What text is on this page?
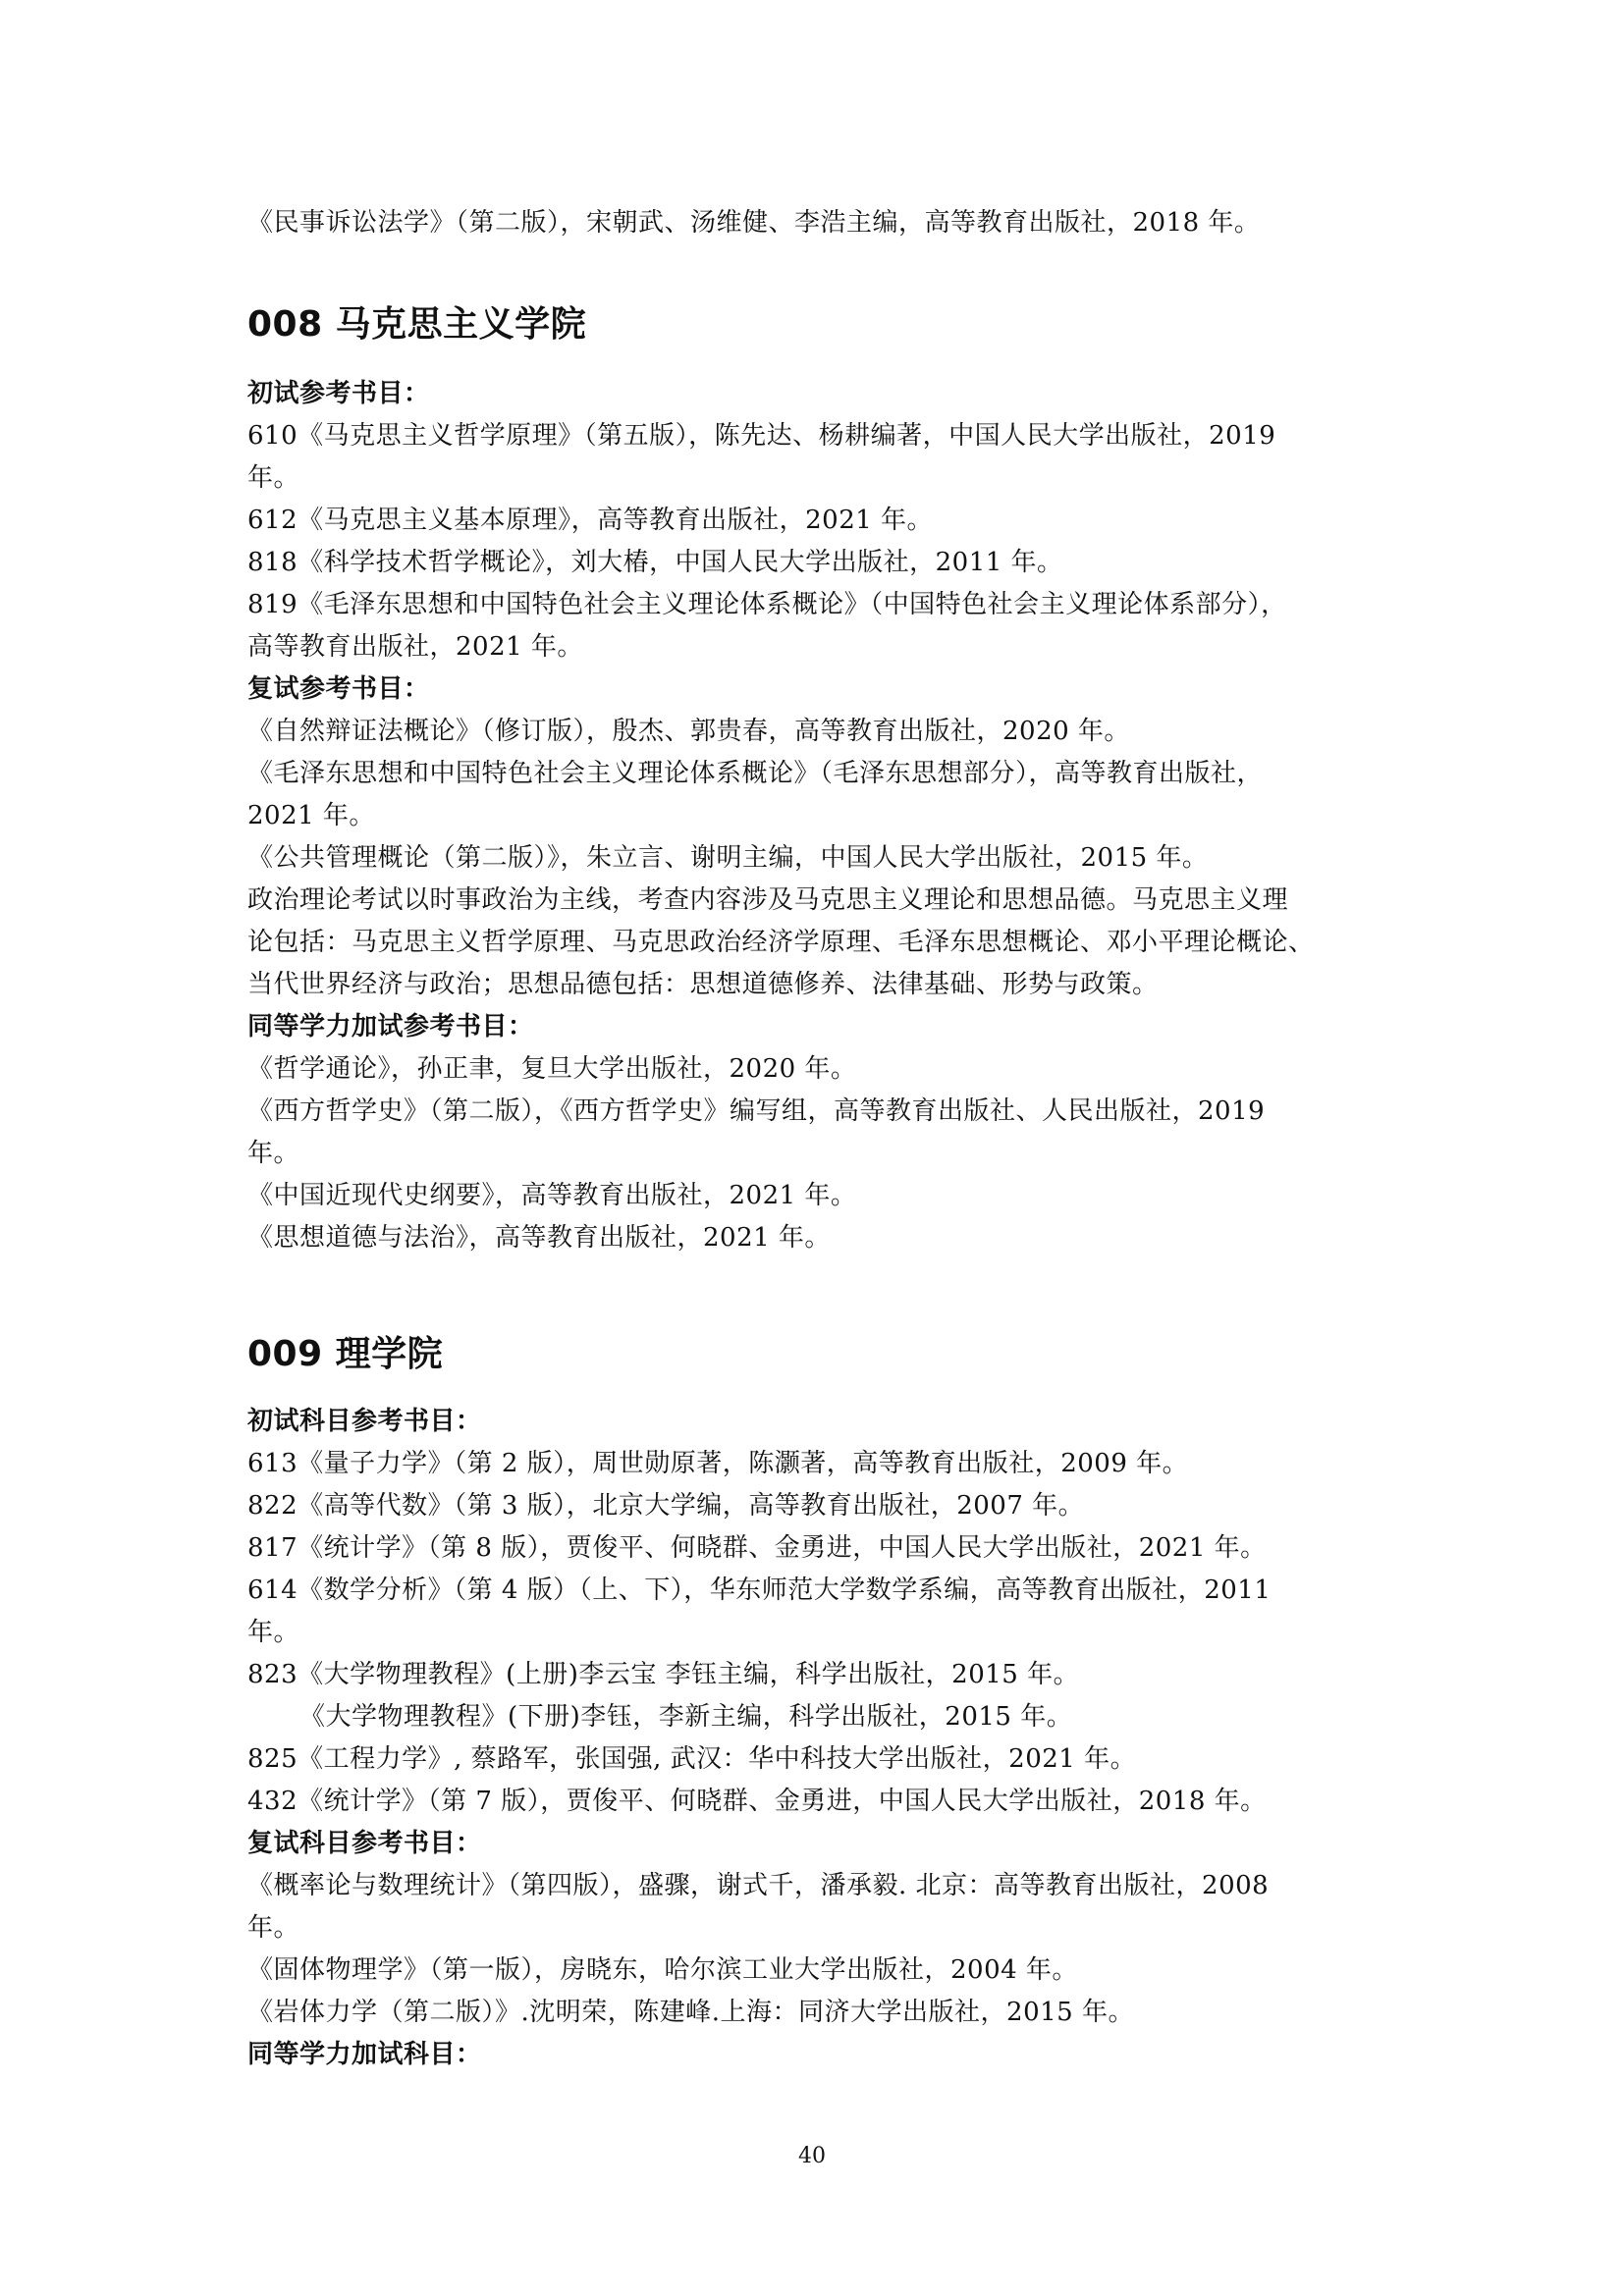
《民事诉讼法学》（第二版），宋朝武、汤维健、李浩主编，高等教育出版社，2018 年。
008 马克思主义学院
初试参考书目：
610《马克思主义哲学原理》（第五版），陈先达、杨耕编著，中国人民大学出版社，2019
年。
612《马克思主义基本原理》，高等教育出版社，2021 年。
818《科学技术哲学概论》，刘大椿，中国人民大学出版社，2011 年。
819《毛泽东思想和中国特色社会主义理论体系概论》（中国特色社会主义理论体系部分），
高等教育出版社，2021 年。
复试参考书目：
《自然辩证法概论》（修订版），殷杰、郭贵春，高等教育出版社，2020 年。
《毛泽东思想和中国特色社会主义理论体系概论》（毛泽东思想部分），高等教育出版社，
2021 年。
《公共管理概论（第二版）》，朱立言、谢明主编，中国人民大学出版社，2015 年。
政治理论考试以时事政治为主线，考查内容涉及马克思主义理论和思想品德。马克思主义理
论包括：马克思主义哲学原理、马克思政治经济学原理、毛泽东思想概论、邓小平理论概论、
当代世界经济与政治；思想品德包括：思想道德修养、法律基础、形势与政策。
同等学力加试参考书目：
《哲学通论》，孙正聿，复旦大学出版社，2020 年。
《西方哲学史》（第二版），《西方哲学史》编写组，高等教育出版社、人民出版社，2019
年。
《中国近现代史纲要》，高等教育出版社，2021 年。
《思想道德与法治》，高等教育出版社，2021 年。
009 理学院
初试科目参考书目：
613《量子力学》（第 2 版），周世勋原著，陈灏著，高等教育出版社，2009 年。
822《高等代数》（第 3 版），北京大学编，高等教育出版社，2007 年。
817《统计学》（第 8 版），贾俊平、何晓群、金勇进，中国人民大学出版社，2021 年。
614《数学分析》（第 4 版）（上、下），华东师范大学数学系编，高等教育出版社，2011
年。
823《大学物理教程》(上册)李云宝 李钰主编，科学出版社，2015 年。
《大学物理教程》(下册)李钰，李新主编，科学出版社，2015 年。
825《工程力学》, 蔡路军，张国强, 武汉：华中科技大学出版社，2021 年。
432《统计学》（第 7 版），贾俊平、何晓群、金勇进，中国人民大学出版社，2018 年。
复试科目参考书目：
《概率论与数理统计》（第四版），盛骤，谢式千，潘承毅. 北京：高等教育出版社，2008
年。
《固体物理学》（第一版），房晓东，哈尔滨工业大学出版社，2004 年。
《岩体力学（第二版）》.沈明荣，陈建峰.上海：同济大学出版社，2015 年。
同等学力加试科目：
40
